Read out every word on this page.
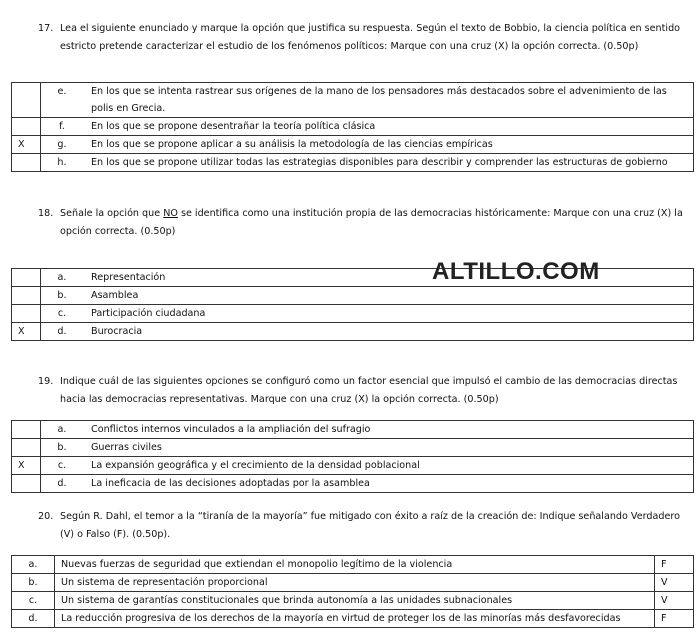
17. Lea el siguiente enunciado y marque la opción que justifica su respuesta. Según el texto de Bobbio, la ciencia política en sentido estricto pretende caracterizar el estudio de los fenómenos políticos: Marque con una cruz (X) la opción correcta. (0.50p)
	e.	En los que se intenta rastrear sus orígenes de la mano de los pensadores más destacados sobre el advenimiento de las polis en Grecia.
	f.	En los que se propone desentrañar la teoría política clásica
X	g.	En los que se propone aplicar a su análisis la metodología de las ciencias empíricas
	h.	En los que se propone utilizar todas las estrategias disponibles para describir y comprender las estructuras de gobierno
18. Señale la opción que NO se identifica como una institución propia de las democracias históricamente: Marque con una cruz (X) la opción correcta. (0.50p)
	a.	Representación
	b.	Asamblea
	c.	Participación ciudadana
X	d.	Burocracia
ALTILLO.COM
19. Indique cuál de las siguientes opciones se configuró como un factor esencial que impulsó el cambio de las democracias directas hacia las democracias representativas. Marque con una cruz (X) la opción correcta. (0.50p)
	a.	Conflictos internos vinculados a la ampliación del sufragio
	b.	Guerras civiles
X	c.	La expansión geográfica y el crecimiento de la densidad poblacional
	d.	La ineficacia de las decisiones adoptadas por la asamblea
20. Según R. Dahl, el temor a la “tiranía de la mayoría” fue mitigado con éxito a raíz de la creación de: Indique señalando Verdadero (V) o Falso (F). (0.50p).
a.	Nuevas fuerzas de seguridad que extiendan el monopolio legítimo de la violencia	F
b.	Un sistema de representación proporcional	V
c.	Un sistema de garantías constitucionales que brinda autonomía a las unidades subnacionales	V
d.	La reducción progresiva de los derechos de la mayoría en virtud de proteger los de las minorías más desfavorecidas	F
